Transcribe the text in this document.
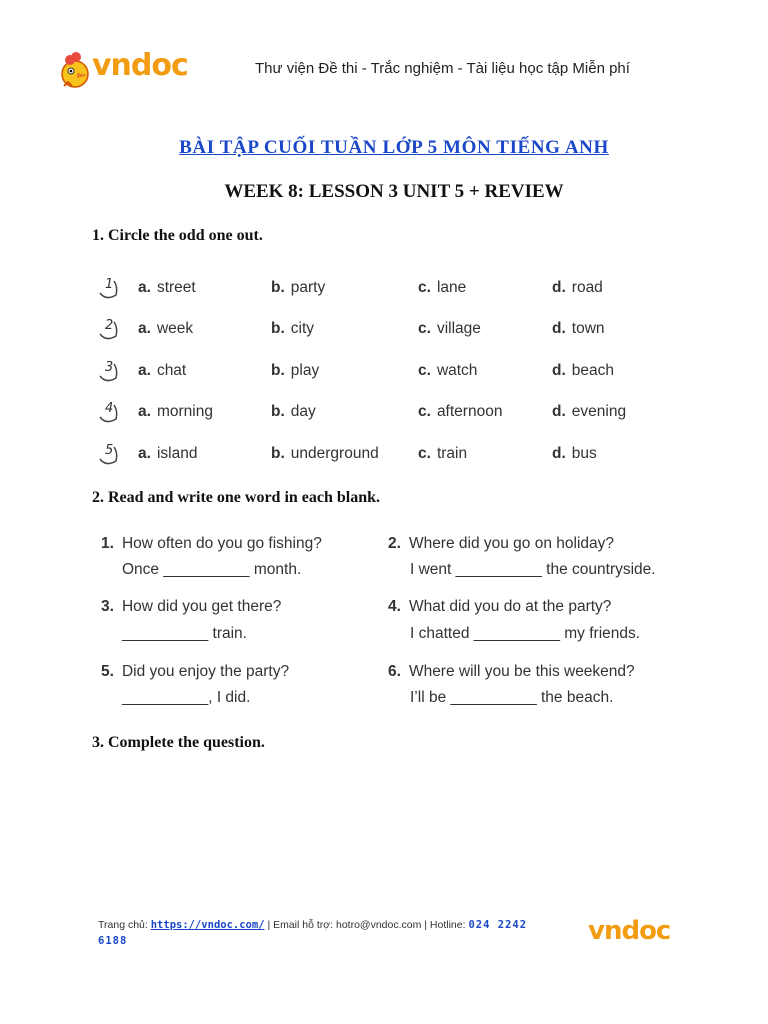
vndoc	Thư viện Đề thi - Trắc nghiệm - Tài liệu học tập Miễn phí
BÀI TẬP CUỐI TUẦN LỚP 5 MÔN TIẾNG ANH
WEEK 8: LESSON 3 UNIT 5 + REVIEW
1. Circle the odd one out.
1 a. street	b. party	c. lane	d. road
2 a. week	b. city	c. village	d. town
3 a. chat	b. play	c. watch	d. beach
4 a. morning	b. day	c. afternoon	d. evening
5 a. island	b. underground	c. train	d. bus
2. Read and write one word in each blank.
1. How often do you go fishing?
Once __________ month.
2. Where did you go on holiday?
I went __________ the countryside.
3. How did you get there?
__________ train.
4. What did you do at the party?
I chatted __________ my friends.
5. Did you enjoy the party?
__________, I did.
6. Where will you be this weekend?
I’ll be __________ the beach.
3. Complete the question.
Trang chủ: https://vndoc.com/ | Email hỗ trợ: hotro@vndoc.com | Hotline: 024 2242 6188	vndoc
